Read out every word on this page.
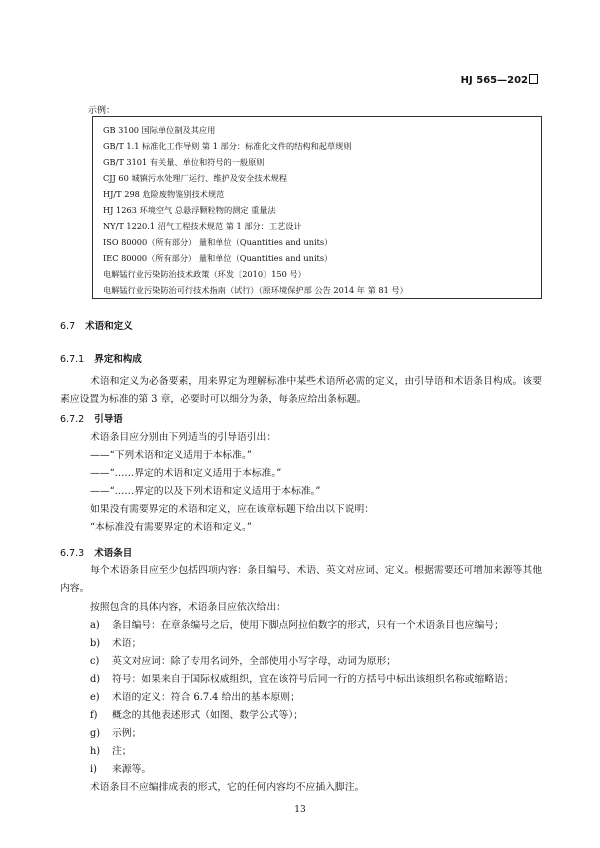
HJ 565—202
示例：
GB 3100 国际单位制及其应用
GB/T 1.1 标准化工作导则 第 1 部分：标准化文件的结构和起草规则
GB/T 3101 有关量、单位和符号的一般原则
CJJ 60 城镇污水处理厂运行、维护及安全技术规程
HJ/T 298 危险废物鉴别技术规范
HJ 1263 环境空气 总悬浮颗粒物的测定 重量法
NY/T 1220.1 沼气工程技术规范 第 1 部分：工艺设计
ISO 80000（所有部分） 量和单位（Quantities and units）
IEC 80000（所有部分） 量和单位（Quantities and units）
电解锰行业污染防治技术政策（环发〔2010〕150 号）
电解锰行业污染防治可行技术指南（试行）（原环境保护部 公告 2014 年 第 81 号）
6.7 术语和定义
6.7.1 界定和构成
术语和定义为必备要素，用来界定为理解标准中某些术语所必需的定义，由引导语和术语条目构成。该要素应设置为标准的第 3 章，必要时可以细分为条，每条应给出条标题。
6.7.2 引导语
术语条目应分别由下列适当的引导语引出：
——“下列术语和定义适用于本标准。”
——“……界定的术语和定义适用于本标准。”
——“……界定的以及下列术语和定义适用于本标准。”
如果没有需要界定的术语和定义，应在该章标题下给出以下说明：
“本标准没有需要界定的术语和定义。”
6.7.3 术语条目
每个术语条目应至少包括四项内容：条目编号、术语、英文对应词、定义。根据需要还可增加来源等其他内容。
按照包含的具体内容，术语条目应依次给出：
a) 条目编号：在章条编号之后，使用下脚点阿拉伯数字的形式，只有一个术语条目也应编号；
b) 术语；
c) 英文对应词：除了专用名词外，全部使用小写字母，动词为原形；
d) 符号：如果来自于国际权威组织，宜在该符号后同一行的方括号中标出该组织名称或缩略语；
e) 术语的定义：符合 6.7.4 给出的基本原则；
f) 概念的其他表述形式（如图、数学公式等）；
g) 示例；
h) 注；
i) 来源等。
术语条目不应编排成表的形式，它的任何内容均不应插入脚注。
13
